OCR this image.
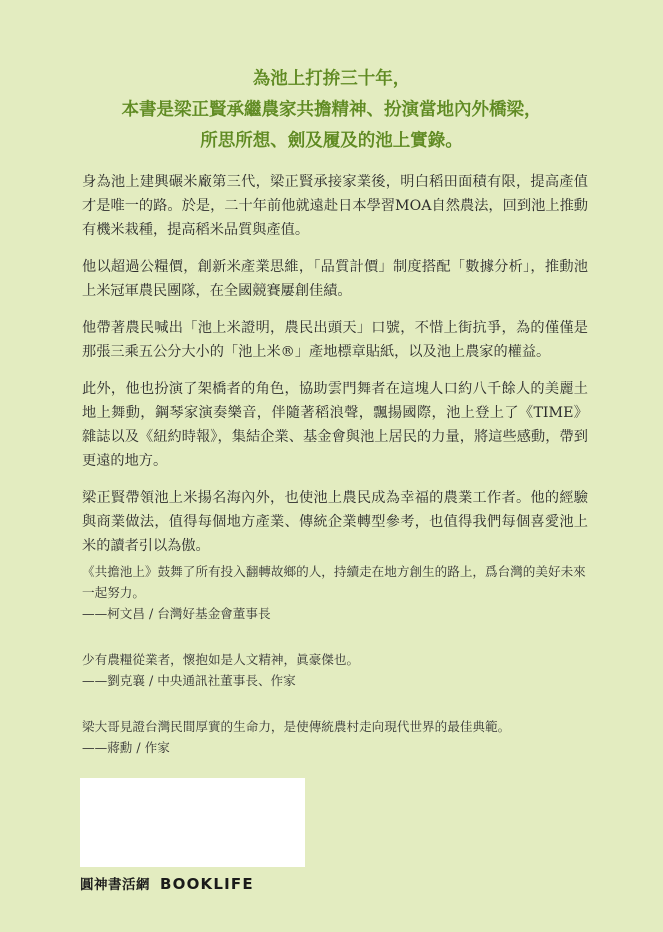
為池上打拚三十年，
本書是梁正賢承繼農家共擔精神、扮演當地內外橋梁，
所思所想、劍及履及的池上實錄。

身為池上建興碾米廠第三代，梁正賢承接家業後，明白稻田面積有限，提高產值才是唯一的路。於是，二十年前他就遠赴日本學習MOA自然農法，回到池上推動有機米栽種，提高稻米品質與產值。

他以超過公糧價，創新米產業思維，「品質計價」制度搭配「數據分析」，推動池上米冠軍農民團隊，在全國競賽屢創佳績。

他帶著農民喊出「池上米證明，農民出頭天」口號，不惜上街抗爭，為的僅僅是那張三乘五公分大小的「池上米®」產地標章貼紙，以及池上農家的權益。

此外，他也扮演了架橋者的角色，協助雲門舞者在這塊人口約八千餘人的美麗土地上舞動，鋼琴家演奏樂音，伴隨著稻浪聲，飄揚國際，池上登上了《TIME》雜誌以及《紐約時報》，集結企業、基金會與池上居民的力量，將這些感動，帶到更遠的地方。

梁正賢帶領池上米揚名海內外，也使池上農民成為幸福的農業工作者。他的經驗與商業做法，值得每個地方產業、傳統企業轉型參考，也值得我們每個喜愛池上米的讀者引以為傲。

《共擔池上》鼓舞了所有投入翻轉故鄉的人，持續走在地方創生的路上，爲台灣的美好未來一起努力。
——柯文昌 / 台灣好基金會董事長
少有農糧從業者，懷抱如是人文精神，眞豪傑也。
——劉克襄 / 中央通訊社董事長、作家
梁大哥見證台灣民間厚實的生命力，是使傳統農村走向現代世界的最佳典範。
——蔣勳 / 作家
圓神書活網 BOOKLIFE
